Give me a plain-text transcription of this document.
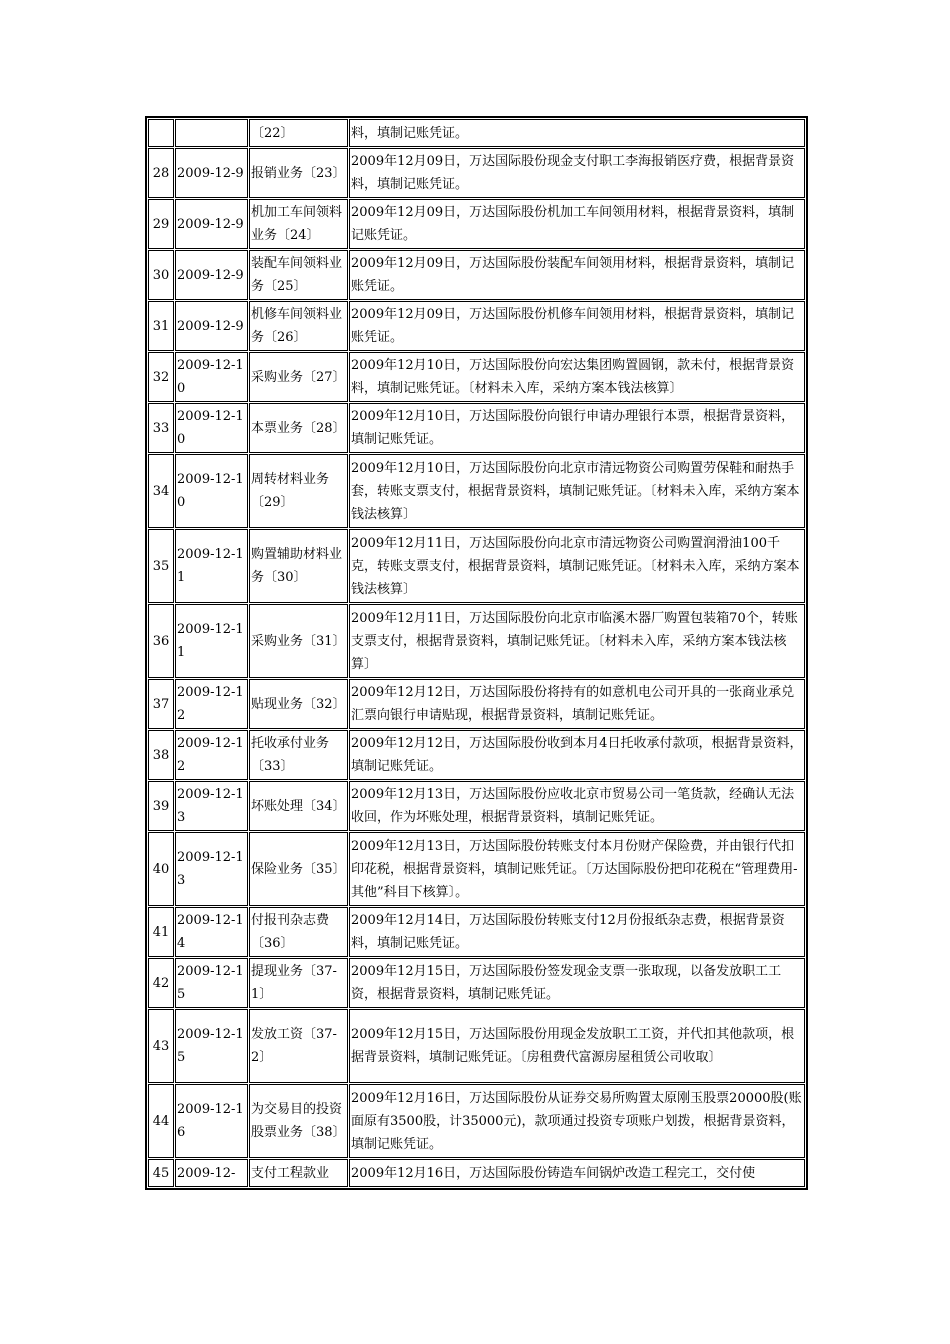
		〔22〕	料，填制记账凭证。
28	2009-12-9	报销业务〔23〕	2009年12月09日，万达国际股份现金支付职工李海报销医疗费，根据背景资料，填制记账凭证。
29	2009-12-9	机加工车间领料业务〔24〕	2009年12月09日，万达国际股份机加工车间领用材料，根据背景资料，填制记账凭证。
30	2009-12-9	装配车间领料业务〔25〕	2009年12月09日，万达国际股份装配车间领用材料，根据背景资料，填制记账凭证。
31	2009-12-9	机修车间领料业务〔26〕	2009年12月09日，万达国际股份机修车间领用材料，根据背景资料，填制记账凭证。
32	2009-12-10	采购业务〔27〕	2009年12月10日，万达国际股份向宏达集团购置圆钢，款未付，根据背景资料，填制记账凭证。〔材料未入库，采纳方案本钱法核算〕
33	2009-12-10	本票业务〔28〕	2009年12月10日，万达国际股份向银行申请办理银行本票，根据背景资料，填制记账凭证。
34	2009-12-10	周转材料业务〔29〕	2009年12月10日，万达国际股份向北京市清远物资公司购置劳保鞋和耐热手套，转账支票支付，根据背景资料，填制记账凭证。〔材料未入库，采纳方案本钱法核算〕
35	2009-12-11	购置辅助材料业务〔30〕	2009年12月11日，万达国际股份向北京市清远物资公司购置润滑油100千克，转账支票支付，根据背景资料，填制记账凭证。〔材料未入库，采纳方案本钱法核算〕
36	2009-12-11	采购业务〔31〕	2009年12月11日，万达国际股份向北京市临溪木器厂购置包装箱70个，转账支票支付，根据背景资料，填制记账凭证。〔材料未入库，采纳方案本钱法核算〕
37	2009-12-12	贴现业务〔32〕	2009年12月12日，万达国际股份将持有的如意机电公司开具的一张商业承兑汇票向银行申请贴现，根据背景资料，填制记账凭证。
38	2009-12-12	托收承付业务〔33〕	2009年12月12日，万达国际股份收到本月4日托收承付款项，根据背景资料，填制记账凭证。
39	2009-12-13	坏账处理〔34〕	2009年12月13日，万达国际股份应收北京市贸易公司一笔货款，经确认无法收回，作为坏账处理，根据背景资料，填制记账凭证。
40	2009-12-13	保险业务〔35〕	2009年12月13日，万达国际股份转账支付本月份财产保险费，并由银行代扣印花税，根据背景资料，填制记账凭证。〔万达国际股份把印花税在“管理费用-其他”科目下核算〕。
41	2009-12-14	付报刊杂志费〔36〕	2009年12月14日，万达国际股份转账支付12月份报纸杂志费，根据背景资料，填制记账凭证。
42	2009-12-15	提现业务〔37-1〕	2009年12月15日，万达国际股份签发现金支票一张取现，以备发放职工工资，根据背景资料，填制记账凭证。
43	2009-12-15	发放工资〔37-2〕	2009年12月15日，万达国际股份用现金发放职工工资，并代扣其他款项，根据背景资料，填制记账凭证。〔房租费代富源房屋租赁公司收取〕
44	2009-12-16	为交易目的投资股票业务〔38〕	2009年12月16日，万达国际股份从证券交易所购置太原刚玉股票20000股(账面原有3500股，计35000元)，款项通过投资专项账户划拨，根据背景资料，填制记账凭证。
45	2009-12-	支付工程款业	2009年12月16日，万达国际股份铸造车间锅炉改造工程完工，交付使
